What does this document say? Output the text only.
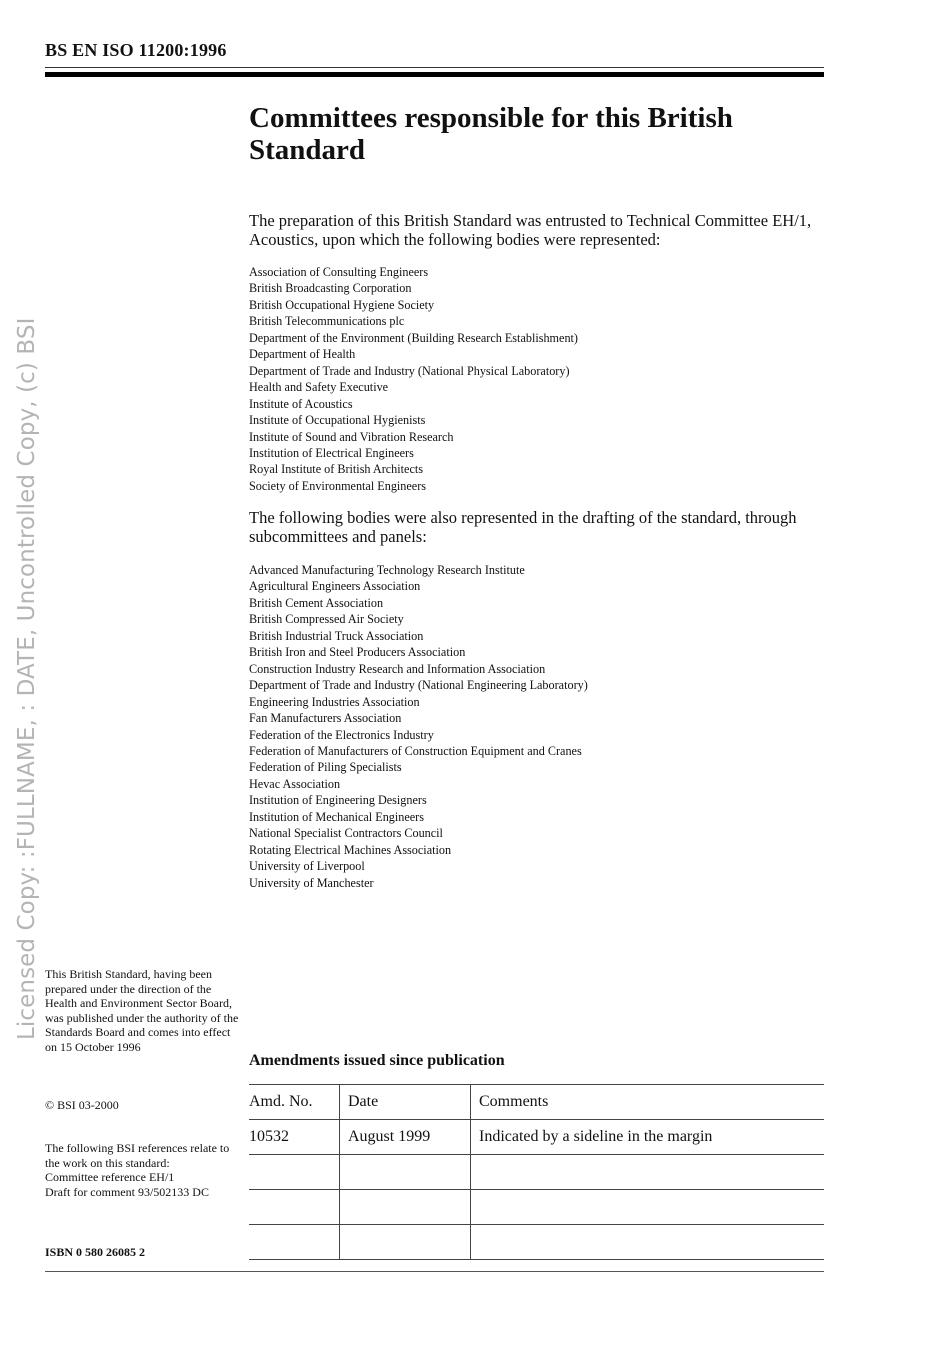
BS EN ISO 11200:1996
Committees responsible for this British Standard
The preparation of this British Standard was entrusted to Technical Committee EH/1, Acoustics, upon which the following bodies were represented:
Association of Consulting Engineers
British Broadcasting Corporation
British Occupational Hygiene Society
British Telecommunications plc
Department of the Environment (Building Research Establishment)
Department of Health
Department of Trade and Industry (National Physical Laboratory)
Health and Safety Executive
Institute of Acoustics
Institute of Occupational Hygienists
Institute of Sound and Vibration Research
Institution of Electrical Engineers
Royal Institute of British Architects
Society of Environmental Engineers
The following bodies were also represented in the drafting of the standard, through subcommittees and panels:
Advanced Manufacturing Technology Research Institute
Agricultural Engineers Association
British Cement Association
British Compressed Air Society
British Industrial Truck Association
British Iron and Steel Producers Association
Construction Industry Research and Information Association
Department of Trade and Industry (National Engineering Laboratory)
Engineering Industries Association
Fan Manufacturers Association
Federation of the Electronics Industry
Federation of Manufacturers of Construction Equipment and Cranes
Federation of Piling Specialists
Hevac Association
Institution of Engineering Designers
Institution of Mechanical Engineers
National Specialist Contractors Council
Rotating Electrical Machines Association
University of Liverpool
University of Manchester
Licensed Copy: :FULLNAME, : DATE, Uncontrolled Copy, (c) BSI This British Standard, having been prepared under the direction of the Health and Environment Sector Board, was published under the authority of the Standards Board and comes into effect on 15 October 1996
© BSI 03-2000
The following BSI references relate to the work on this standard:
Committee reference EH/1
Draft for comment 93/502133 DC
ISBN 0 580 26085 2
Amendments issued since publication
Amd. No.	Date	Comments
10532	August 1999	Indicated by a sideline in the margin
